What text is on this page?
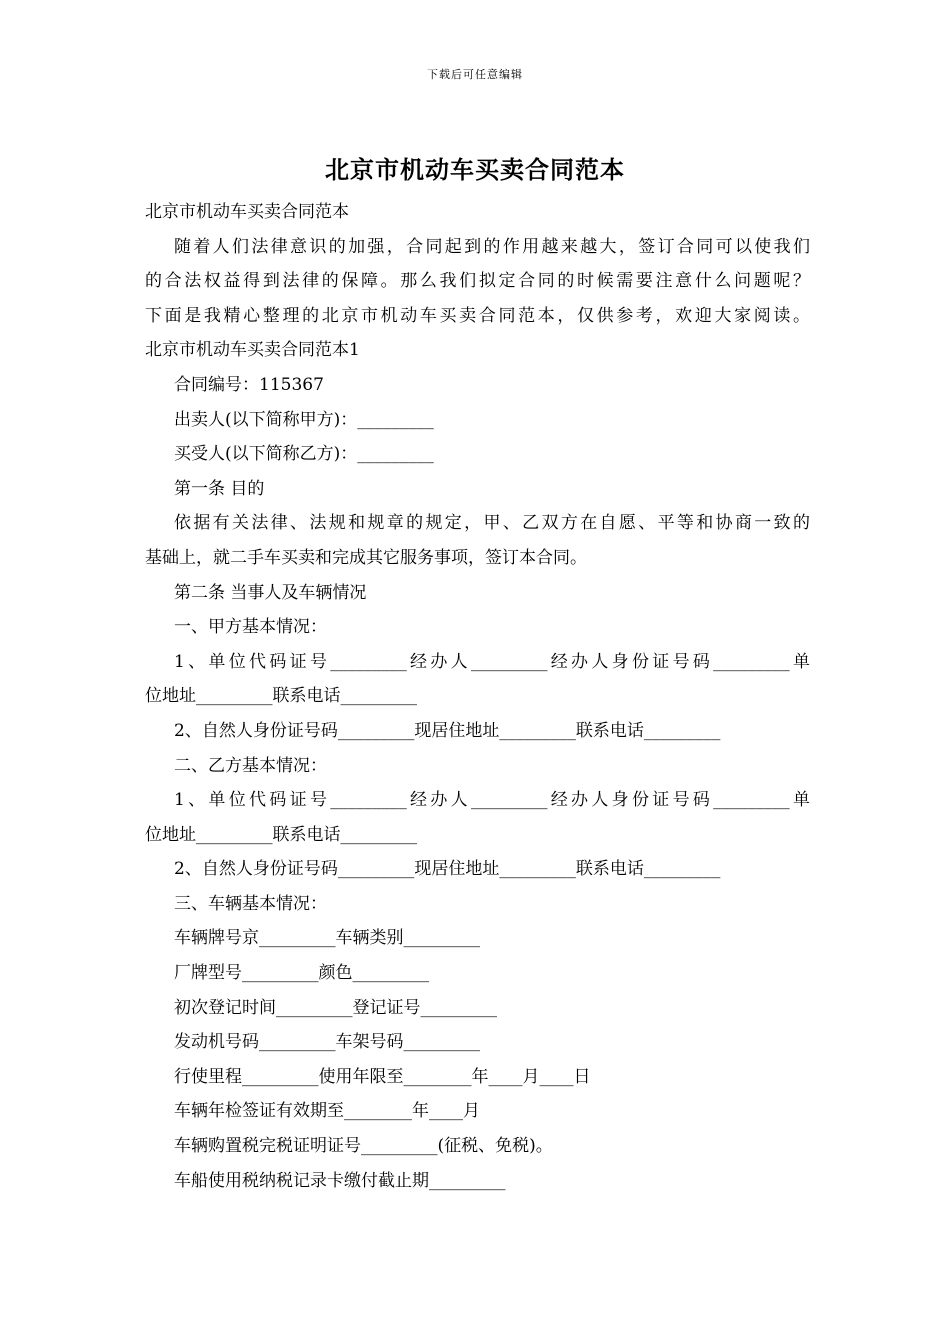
下载后可任意编辑
北京市机动车买卖合同范本
北京市机动车买卖合同范本
随着人们法律意识的加强，合同起到的作用越来越大，签订合同可以使我们
的合法权益得到法律的保障。那么我们拟定合同的时候需要注意什么问题呢？
下面是我精心整理的北京市机动车买卖合同范本，仅供参考，欢迎大家阅读。
北京市机动车买卖合同范本1
合同编号：115367
出卖人(以下简称甲方)：_________
买受人(以下简称乙方)：_________
第一条 目的
依据有关法律、法规和规章的规定，甲、乙双方在自愿、平等和协商一致的
基础上，就二手车买卖和完成其它服务事项，签订本合同。
第二条 当事人及车辆情况
一、甲方基本情况：
1、单位代码证号_________经办人_________经办人身份证号码_________单
位地址_________联系电话_________
2、自然人身份证号码_________现居住地址_________联系电话_________
二、乙方基本情况：
1、单位代码证号_________经办人_________经办人身份证号码_________单
位地址_________联系电话_________
2、自然人身份证号码_________现居住地址_________联系电话_________
三、车辆基本情况：
车辆牌号京_________车辆类别_________
厂牌型号_________颜色_________
初次登记时间_________登记证号_________
发动机号码_________车架号码_________
行使里程_________使用年限至________年____月____日
车辆年检签证有效期至________年____月
车辆购置税完税证明证号_________(征税、免税)。
车船使用税纳税记录卡缴付截止期_________
